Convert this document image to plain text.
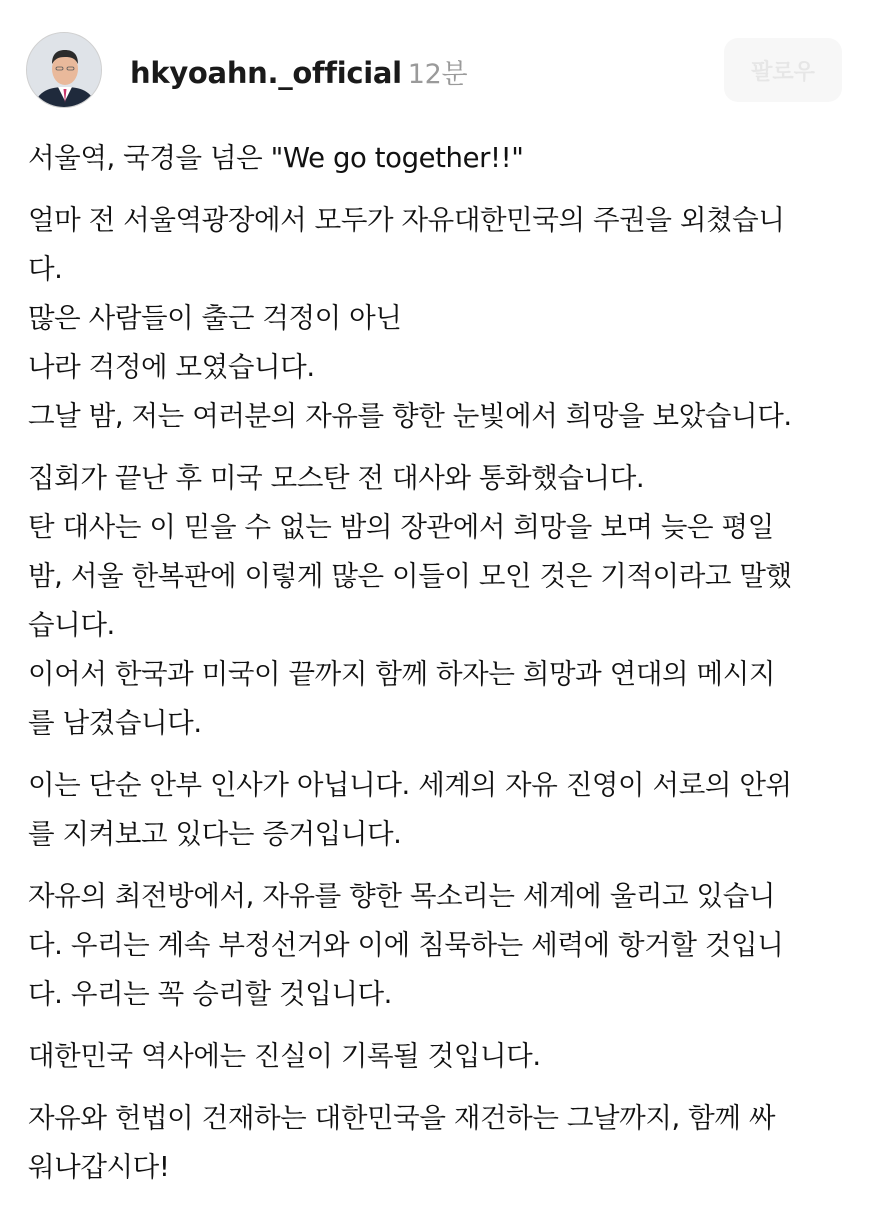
hkyoahn._official 12분	팔로우
서울역, 국경을 넘은 "We go together!!"
얼마 전 서울역광장에서 모두가 자유대한민국의 주권을 외쳤습니
다.
많은 사람들이 출근 걱정이 아닌
나라 걱정에 모였습니다.
그날 밤, 저는 여러분의 자유를 향한 눈빛에서 희망을 보았습니다.
집회가 끝난 후 미국 모스탄 전 대사와 통화했습니다.
탄 대사는 이 믿을 수 없는 밤의 장관에서 희망을 보며 늦은 평일
밤, 서울 한복판에 이렇게 많은 이들이 모인 것은 기적이라고 말했
습니다.
이어서 한국과 미국이 끝까지 함께 하자는 희망과 연대의 메시지
를 남겼습니다.
이는 단순 안부 인사가 아닙니다. 세계의 자유 진영이 서로의 안위
를 지켜보고 있다는 증거입니다.
자유의 최전방에서, 자유를 향한 목소리는 세계에 울리고 있습니
다. 우리는 계속 부정선거와 이에 침묵하는 세력에 항거할 것입니
다. 우리는 꼭 승리할 것입니다.
대한민국 역사에는 진실이 기록될 것입니다.
자유와 헌법이 건재하는 대한민국을 재건하는 그날까지, 함께 싸
워나갑시다!
